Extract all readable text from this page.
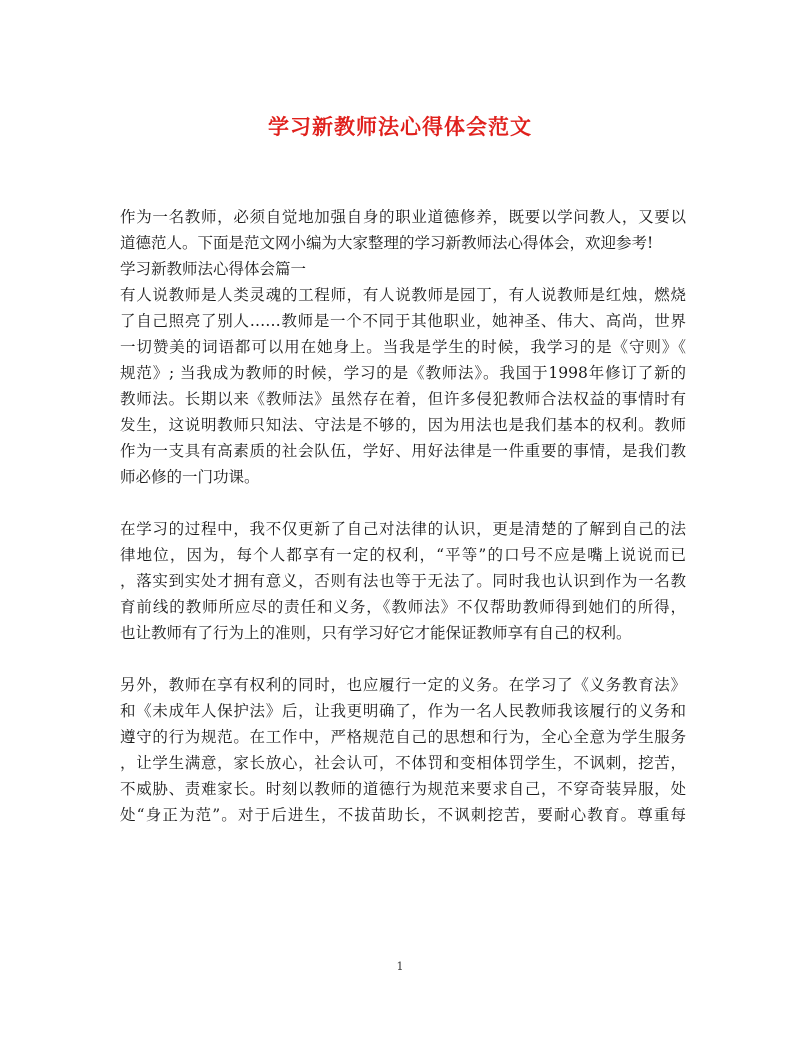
学习新教师法心得体会范文
作为一名教师，必须自觉地加强自身的职业道德修养，既要以学问教人，又要以
道德范人。下面是范文网小编为大家整理的学习新教师法心得体会，欢迎参考!
学习新教师法心得体会篇一
有人说教师是人类灵魂的工程师，有人说教师是园丁，有人说教师是红烛，燃烧
了自己照亮了别人……教师是一个不同于其他职业，她神圣、伟大、高尚，世界
一切赞美的词语都可以用在她身上。当我是学生的时候，我学习的是《守则》《
规范》; 当我成为教师的时候，学习的是《教师法》。我国于1998年修订了新的
教师法。长期以来《教师法》虽然存在着，但许多侵犯教师合法权益的事情时有
发生，这说明教师只知法、守法是不够的，因为用法也是我们基本的权利。教师
作为一支具有高素质的社会队伍，学好、用好法律是一件重要的事情，是我们教
师必修的一门功课。
在学习的过程中，我不仅更新了自己对法律的认识，更是清楚的了解到自己的法
律地位，因为，每个人都享有一定的权利，“平等”的口号不应是嘴上说说而已
，落实到实处才拥有意义，否则有法也等于无法了。同时我也认识到作为一名教
育前线的教师所应尽的责任和义务，《教师法》不仅帮助教师得到她们的所得，
也让教师有了行为上的准则，只有学习好它才能保证教师享有自己的权利。
另外，教师在享有权利的同时，也应履行一定的义务。在学习了《义务教育法》
和《未成年人保护法》后，让我更明确了，作为一名人民教师我该履行的义务和
遵守的行为规范。在工作中，严格规范自己的思想和行为，全心全意为学生服务
，让学生满意，家长放心，社会认可，不体罚和变相体罚学生，不讽刺，挖苦，
不威胁、责难家长。时刻以教师的道德行为规范来要求自己，不穿奇装异服，处
处“身正为范”。对于后进生，不拔苗助长，不讽刺挖苦，要耐心教育。尊重每
1
